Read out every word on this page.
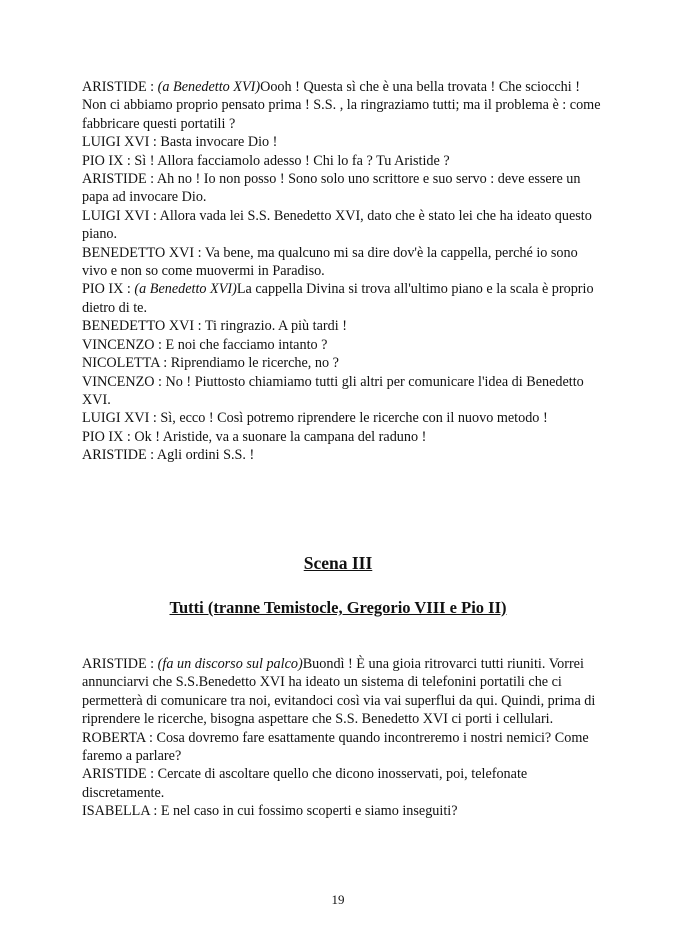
ARISTIDE : (a Benedetto XVI)Oooh ! Questa sì che è una bella trovata ! Che sciocchi ! Non ci abbiamo proprio pensato prima ! S.S. , la ringraziamo tutti; ma il problema è : come fabbricare questi portatili ?

LUIGI XVI : Basta invocare Dio !

PIO IX : Sì ! Allora facciamolo adesso ! Chi lo fa ? Tu Aristide ?

ARISTIDE : Ah no ! Io non posso ! Sono solo uno scrittore e suo servo : deve essere un papa ad invocare Dio.

LUIGI XVI : Allora vada lei S.S. Benedetto XVI, dato che è stato lei che ha ideato questo piano.

BENEDETTO XVI : Va bene, ma qualcuno mi sa dire dov'è la cappella, perché io sono vivo e non so come muovermi in Paradiso.

PIO IX : (a Benedetto XVI)La cappella Divina si trova all'ultimo piano e la scala è proprio dietro di te.

BENEDETTO XVI : Ti ringrazio. A più tardi !

VINCENZO : E noi che facciamo intanto ?

NICOLETTA : Riprendiamo le ricerche, no ?

VINCENZO : No ! Piuttosto chiamiamo tutti gli altri per comunicare l'idea di Benedetto XVI.

LUIGI XVI : Sì, ecco ! Così potremo riprendere le ricerche con il nuovo metodo !

PIO IX : Ok ! Aristide, va a suonare la campana del raduno !

ARISTIDE : Agli ordini S.S. !

Scena III
Tutti (tranne Temistocle, Gregorio VIII e Pio II)

ARISTIDE : (fa un discorso sul palco)Buondì ! È una gioia ritrovarci tutti riuniti. Vorrei annunciarvi che S.S.Benedetto XVI ha ideato un sistema di telefonini portatili che ci permetterà di comunicare tra noi, evitandoci così via vai superflui da qui. Quindi, prima di riprendere le ricerche, bisogna aspettare che S.S. Benedetto XVI ci porti i cellulari.

ROBERTA : Cosa dovremo fare esattamente quando incontreremo i nostri nemici? Come faremo a parlare?

ARISTIDE : Cercate di ascoltare quello che dicono inosservati, poi, telefonate discretamente.

ISABELLA : E nel caso in cui fossimo scoperti e siamo inseguiti?

19
